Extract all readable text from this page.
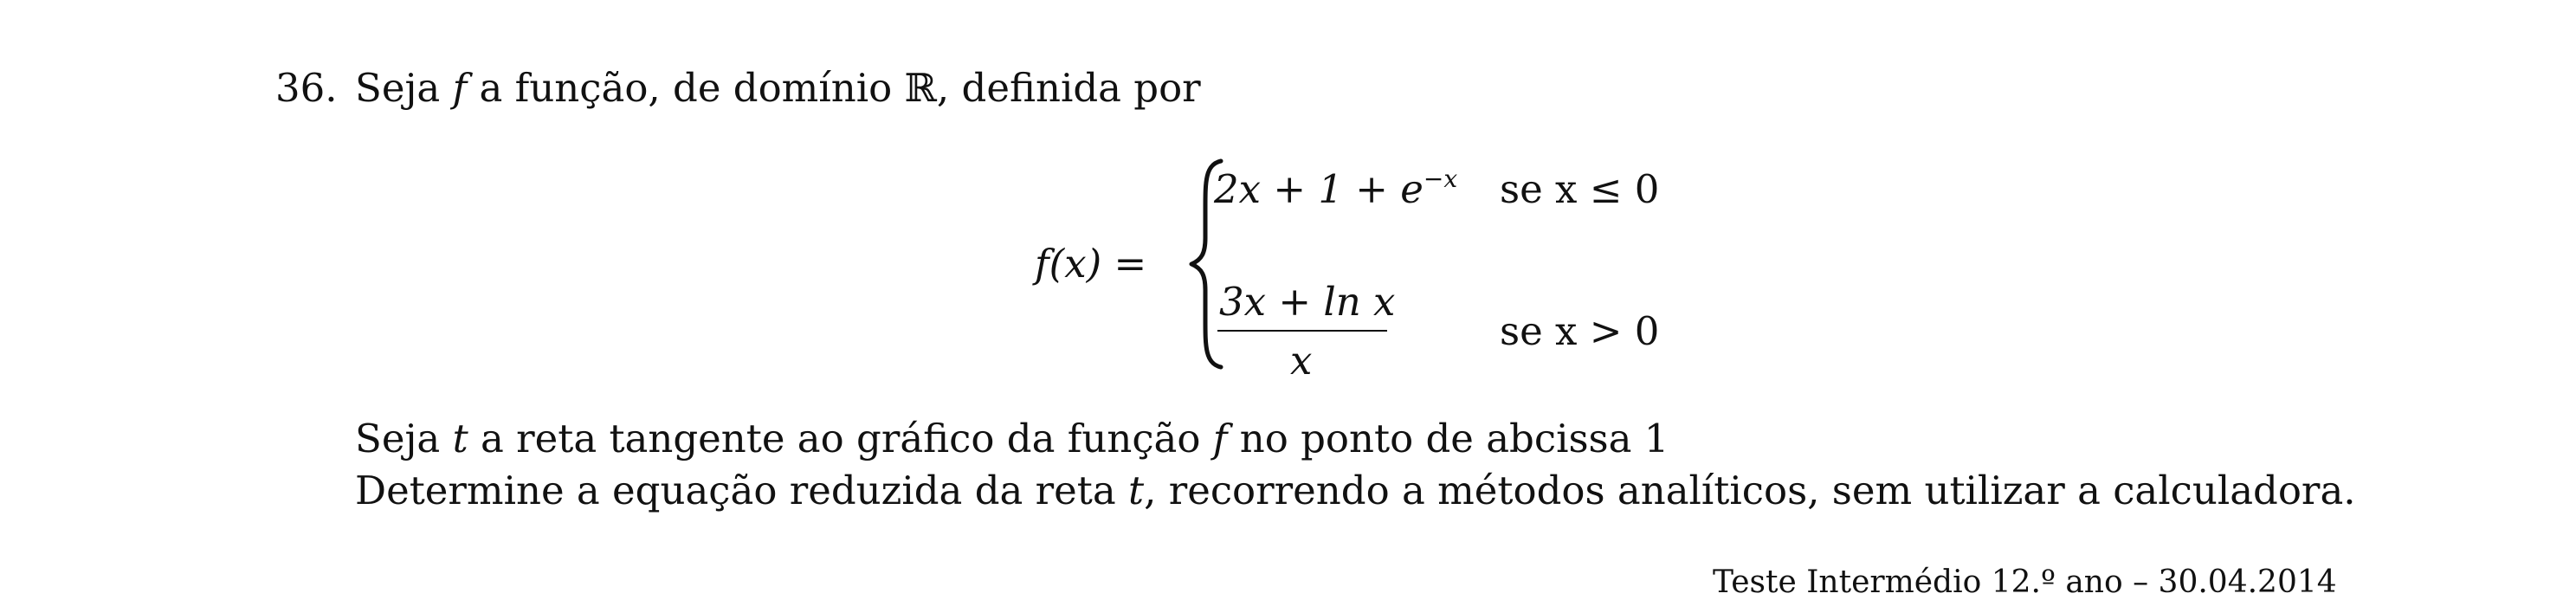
36. Seja f a função, de domínio ℝ, definida por
f(x) =
$2x + 1 + e^{-x}$ se x ≤ 0
3x + ln x
x
se x > 0
Seja t a reta tangente ao gráfico da função f no ponto de abcissa 1
Determine a equação reduzida da reta t, recorrendo a métodos analíticos, sem utilizar a calculadora.
Teste Intermédio 12.º ano – 30.04.2014
